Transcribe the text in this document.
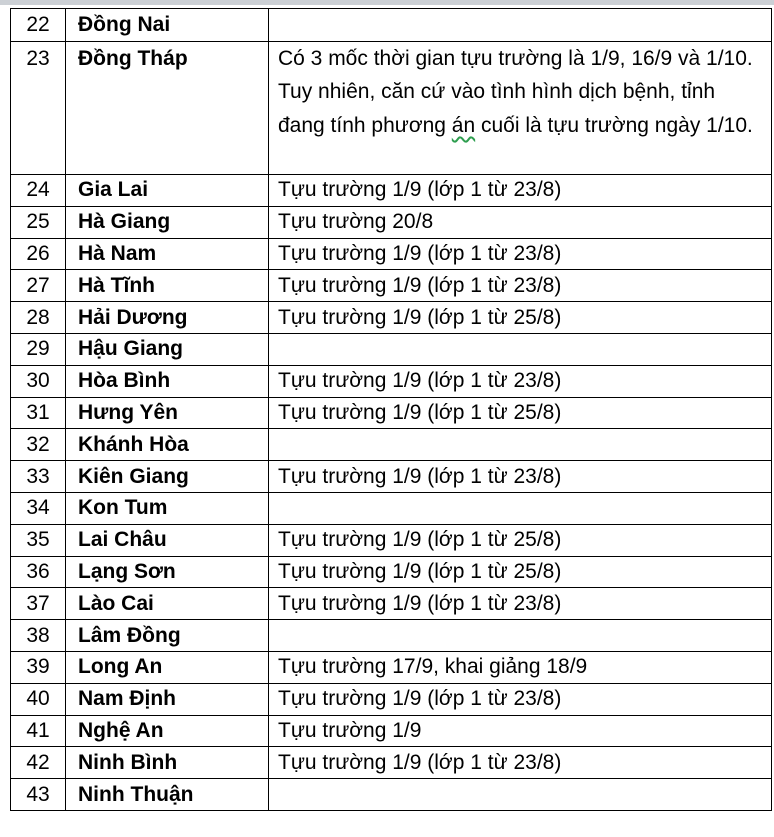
22	Đồng Nai	
23	Đồng Tháp	Có 3 mốc thời gian tựu trường là 1/9, 16/9 và 1/10. Tuy nhiên, căn cứ vào tình hình dịch bệnh, tỉnh đang tính phương án cuối là tựu trường ngày 1/10.
24	Gia Lai	Tựu trường 1/9 (lớp 1 từ 23/8)
25	Hà Giang	Tựu trường 20/8
26	Hà Nam	Tựu trường 1/9 (lớp 1 từ 23/8)
27	Hà Tĩnh	Tựu trường 1/9 (lớp 1 từ 23/8)
28	Hải Dương	Tựu trường 1/9 (lớp 1 từ 25/8)
29	Hậu Giang	
30	Hòa Bình	Tựu trường 1/9 (lớp 1 từ 23/8)
31	Hưng Yên	Tựu trường 1/9 (lớp 1 từ 25/8)
32	Khánh Hòa	
33	Kiên Giang	Tựu trường 1/9 (lớp 1 từ 23/8)
34	Kon Tum	
35	Lai Châu	Tựu trường 1/9 (lớp 1 từ 25/8)
36	Lạng Sơn	Tựu trường 1/9 (lớp 1 từ 25/8)
37	Lào Cai	Tựu trường 1/9 (lớp 1 từ 23/8)
38	Lâm Đồng	
39	Long An	Tựu trường 17/9, khai giảng 18/9
40	Nam Định	Tựu trường 1/9 (lớp 1 từ 23/8)
41	Nghệ An	Tựu trường 1/9
42	Ninh Bình	Tựu trường 1/9 (lớp 1 từ 23/8)
43	Ninh Thuận	
